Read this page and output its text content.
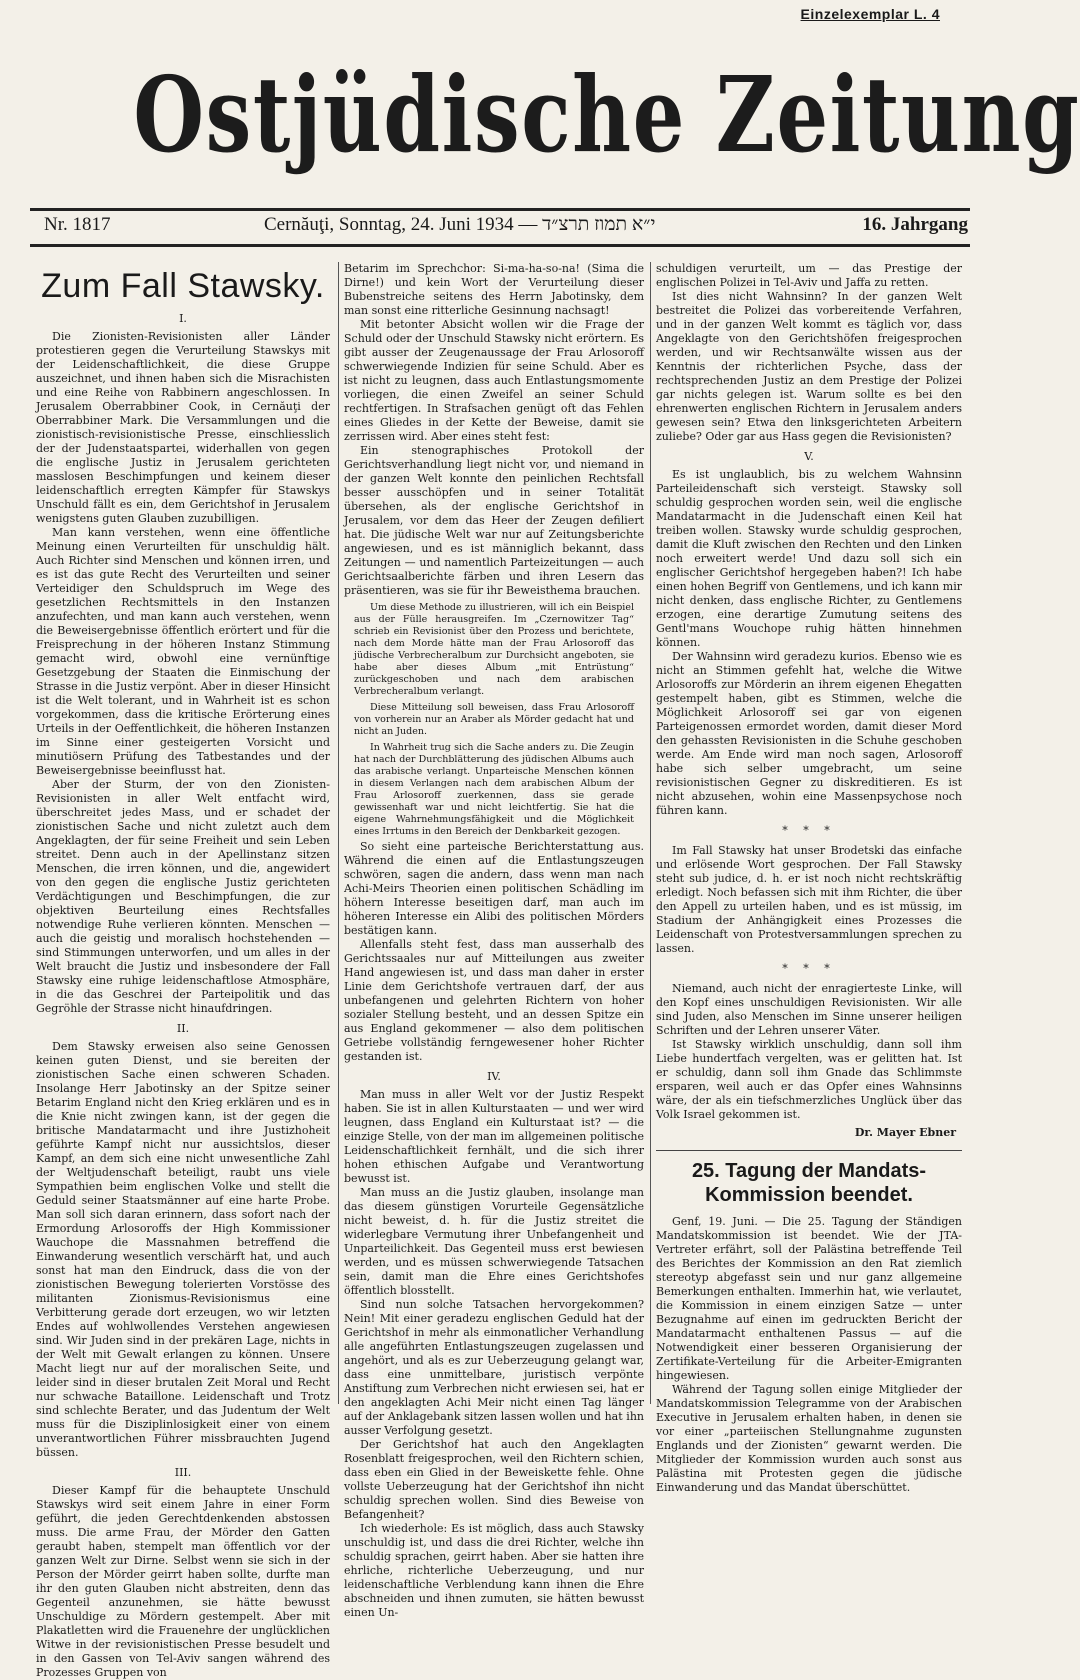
Einzelexemplar L. 4
Ostjüdische Zeitung
Nr. 1817	Cernăuţi, Sonntag, 24. Juni 1934 — י״א תמוז תרצ״ד	16. Jahrgang
Zum Fall Stawsky.
I.

Die Zionisten-Revisionisten aller Länder protestieren gegen die Verurteilung Stawskys mit der Leidenschaftlichkeit, die diese Gruppe auszeichnet, und ihnen haben sich die Misrachisten und eine Reihe von Rabbinern angeschlossen. In Jerusalem Oberrabbiner Cook, in Cernăuţi der Oberrabbiner Mark. Die Versammlungen und die zionistisch-revisionistische Presse, einschliesslich der der Judenstaatspartei, widerhallen von gegen die englische Justiz in Jerusalem gerichteten masslosen Beschimpfungen und keinem dieser leidenschaftlich erregten Kämpfer für Stawskys Unschuld fällt es ein, dem Gerichtshof in Jerusalem wenigstens guten Glauben zuzubilligen.

Man kann verstehen, wenn eine öffentliche Meinung einen Verurteilten für unschuldig hält. Auch Richter sind Menschen und können irren, und es ist das gute Recht des Verurteilten und seiner Verteidiger den Schuldspruch im Wege des gesetzlichen Rechtsmittels in den Instanzen anzufechten, und man kann auch verstehen, wenn die Beweisergebnisse öffentlich erörtert und für die Freisprechung in der höheren Instanz Stimmung gemacht wird, obwohl eine vernünftige Gesetzgebung der Staaten die Einmischung der Strasse in die Justiz verpönt. Aber in dieser Hinsicht ist die Welt tolerant, und in Wahrheit ist es schon vorgekommen, dass die kritische Erörterung eines Urteils in der Oeffentlichkeit, die höheren Instanzen im Sinne einer gesteigerten Vorsicht und minutiösern Prüfung des Tatbestandes und der Beweisergebnisse beeinflusst hat.

Aber der Sturm, der von den Zionisten-Revisionisten in aller Welt entfacht wird, überschreitet jedes Mass, und er schadet der zionistischen Sache und nicht zuletzt auch dem Angeklagten, der für seine Freiheit und sein Leben streitet. Denn auch in der Apellinstanz sitzen Menschen, die irren können, und die, angewidert von den gegen die englische Justiz gerichteten Verdächtigungen und Beschimpfungen, die zur objektiven Beurteilung eines Rechtsfalles notwendige Ruhe verlieren könnten. Menschen — auch die geistig und moralisch hochstehenden — sind Stimmungen unterworfen, und um alles in der Welt braucht die Justiz und insbesondere der Fall Stawsky eine ruhige leidenschaftlose Atmosphäre, in die das Geschrei der Parteipolitik und das Gegröhle der Strasse nicht hinaufdringen.

II.

Dem Stawsky erweisen also seine Genossen keinen guten Dienst, und sie bereiten der zionistischen Sache einen schweren Schaden. Insolange Herr Jabotinsky an der Spitze seiner Betarim England nicht den Krieg erklären und es in die Knie nicht zwingen kann, ist der gegen die britische Mandatarmacht und ihre Justizhoheit geführte Kampf nicht nur aussichtslos, dieser Kampf, an dem sich eine nicht unwesentliche Zahl der Weltjudenschaft beteiligt, raubt uns viele Sympathien beim englischen Volke und stellt die Geduld seiner Staatsmänner auf eine harte Probe. Man soll sich daran erinnern, dass sofort nach der Ermordung Arlosoroffs der High Kommissioner Wauchope die Massnahmen betreffend die Einwanderung wesentlich verschärft hat, und auch sonst hat man den Eindruck, dass die von der zionistischen Bewegung tolerierten Vorstösse des militanten Zionismus-Revisionismus eine Verbitterung gerade dort erzeugen, wo wir letzten Endes auf wohlwollendes Verstehen angewiesen sind. Wir Juden sind in der prekären Lage, nichts in der Welt mit Gewalt erlangen zu können. Unsere Macht liegt nur auf der moralischen Seite, und leider sind in dieser brutalen Zeit Moral und Recht nur schwache Bataillone. Leidenschaft und Trotz sind schlechte Berater, und das Judentum der Welt muss für die Disziplinlosigkeit einer von einem unverantwortlichen Führer missbrauchten Jugend büssen.

III.

Dieser Kampf für die behauptete Unschuld Stawskys wird seit einem Jahre in einer Form geführt, die jeden Gerechtdenkenden abstossen muss. Die arme Frau, der Mörder den Gatten geraubt haben, stempelt man öffentlich vor der ganzen Welt zur Dirne. Selbst wenn sie sich in der Person der Mörder geirrt haben sollte, durfte man ihr den guten Glauben nicht abstreiten, denn das Gegenteil anzunehmen, sie hätte bewusst Unschuldige zu Mördern gestempelt. Aber mit Plakatletten wird die Frauenehre der unglücklichen Witwe in der revisionistischen Presse besudelt und in den Gassen von Tel-Aviv sangen während des Prozesses Gruppen von

Betarim im Sprechchor: Si-ma-ha-so-na! (Sima die Dirne!) und kein Wort der Verurteilung dieser Bubenstreiche seitens des Herrn Jabotinsky, dem man sonst eine ritterliche Gesinnung nachsagt!

Mit betonter Absicht wollen wir die Frage der Schuld oder der Unschuld Stawsky nicht erörtern. Es gibt ausser der Zeugenaussage der Frau Arlosoroff schwerwiegende Indizien für seine Schuld. Aber es ist nicht zu leugnen, dass auch Entlastungsmomente vorliegen, die einen Zweifel an seiner Schuld rechtfertigen. In Strafsachen genügt oft das Fehlen eines Gliedes in der Kette der Beweise, damit sie zerrissen wird. Aber eines steht fest:

Ein stenographisches Protokoll der Gerichtsverhandlung liegt nicht vor, und niemand in der ganzen Welt konnte den peinlichen Rechtsfall besser ausschöpfen und in seiner Totalität übersehen, als der englische Gerichtshof in Jerusalem, vor dem das Heer der Zeugen defiliert hat. Die jüdische Welt war nur auf Zeitungsberichte angewiesen, und es ist männiglich bekannt, dass Zeitungen — und namentlich Parteizeitungen — auch Gerichtsaalberichte färben und ihren Lesern das präsentieren, was sie für ihr Beweisthema brauchen.

Um diese Methode zu illustrieren, will ich ein Beispiel aus der Fülle herausgreifen. Im „Czernowitzer Tag“ schrieb ein Revisionist über den Prozess und berichtete, nach dem Morde hätte man der Frau Arlosoroff das jüdische Verbrecheralbum zur Durchsicht angeboten, sie habe aber dieses Album „mit Entrüstung“ zurückgeschoben und nach dem arabischen Verbrecheralbum verlangt.

Diese Mitteilung soll beweisen, dass Frau Arlosoroff von vorherein nur an Araber als Mörder gedacht hat und nicht an Juden.

In Wahrheit trug sich die Sache anders zu. Die Zeugin hat nach der Durchblätterung des jüdischen Albums auch das arabische verlangt. Unparteische Menschen können in diesem Verlangen nach dem arabischen Album der Frau Arlosoroff zuerkennen, dass sie gerade gewissenhaft war und nicht leichtfertig. Sie hat die eigene Wahrnehmungsfähigkeit und die Möglichkeit eines Irrtums in den Bereich der Denkbarkeit gezogen.

So sieht eine parteische Berichterstattung aus. Während die einen auf die Entlastungszeugen schwören, sagen die andern, dass wenn man nach Achi-Meirs Theorien einen politischen Schädling im höhern Interesse beseitigen darf, man auch im höheren Interesse ein Alibi des politischen Mörders bestätigen kann.

Allenfalls steht fest, dass man ausserhalb des Gerichtssaales nur auf Mitteilungen aus zweiter Hand angewiesen ist, und dass man daher in erster Linie dem Gerichtshofe vertrauen darf, der aus unbefangenen und gelehrten Richtern von hoher sozialer Stellung besteht, und an dessen Spitze ein aus England gekommener — also dem politischen Getriebe vollständig ferngewesener hoher Richter gestanden ist.

IV.

Man muss in aller Welt vor der Justiz Respekt haben. Sie ist in allen Kulturstaaten — und wer wird leugnen, dass England ein Kulturstaat ist? — die einzige Stelle, von der man im allgemeinen politische Leidenschaftlichkeit fernhält, und die sich ihrer hohen ethischen Aufgabe und Verantwortung bewusst ist.

Man muss an die Justiz glauben, insolange man das diesem günstigen Vorurteile Gegensätzliche nicht beweist, d. h. für die Justiz streitet die widerlegbare Vermutung ihrer Unbefangenheit und Unparteilichkeit. Das Gegenteil muss erst bewiesen werden, und es müssen schwerwiegende Tatsachen sein, damit man die Ehre eines Gerichtshofes öffentlich blosstellt.

Sind nun solche Tatsachen hervorgekommen? Nein! Mit einer geradezu englischen Geduld hat der Gerichtshof in mehr als einmonatlicher Verhandlung alle angeführten Entlastungszeugen zugelassen und angehört, und als es zur Ueberzeugung gelangt war, dass eine unmittelbare, juristisch verpönte Anstiftung zum Verbrechen nicht erwiesen sei, hat er den angeklagten Achi Meir nicht einen Tag länger auf der Anklagebank sitzen lassen wollen und hat ihn ausser Verfolgung gesetzt.

Der Gerichtshof hat auch den Angeklagten Rosenblatt freigesprochen, weil den Richtern schien, dass eben ein Glied in der Beweiskette fehle. Ohne vollste Ueberzeugung hat der Gerichtshof ihn nicht schuldig sprechen wollen. Sind dies Beweise von Befangenheit?

Ich wiederhole: Es ist möglich, dass auch Stawsky unschuldig ist, und dass die drei Richter, welche ihn schuldig sprachen, geirrt haben. Aber sie hatten ihre ehrliche, richterliche Ueberzeugung, und nur leidenschaftliche Verblendung kann ihnen die Ehre abschneiden und ihnen zumuten, sie hätten bewusst einen Un-

schuldigen verurteilt, um — das Prestige der englischen Polizei in Tel-Aviv und Jaffa zu retten.

Ist dies nicht Wahnsinn? In der ganzen Welt bestreitet die Polizei das vorbereitende Verfahren, und in der ganzen Welt kommt es täglich vor, dass Angeklagte von den Gerichtshöfen freigesprochen werden, und wir Rechtsanwälte wissen aus der Kenntnis der richterlichen Psyche, dass der rechtsprechenden Justiz an dem Prestige der Polizei gar nichts gelegen ist. Warum sollte es bei den ehrenwerten englischen Richtern in Jerusalem anders gewesen sein? Etwa den linksgerichteten Arbeitern zuliebe? Oder gar aus Hass gegen die Revisionisten?

V.

Es ist unglaublich, bis zu welchem Wahnsinn Parteileidenschaft sich versteigt. Stawsky soll schuldig gesprochen worden sein, weil die englische Mandatarmacht in die Judenschaft einen Keil hat treiben wollen. Stawsky wurde schuldig gesprochen, damit die Kluft zwischen den Rechten und den Linken noch erweitert werde! Und dazu soll sich ein englischer Gerichtshof hergegeben haben?! Ich habe einen hohen Begriff von Gentlemens, und ich kann mir nicht denken, dass englische Richter, zu Gentlemens erzogen, eine derartige Zumutung seitens des Gentl'mans Wouchope ruhig hätten hinnehmen können.

Der Wahnsinn wird geradezu kurios. Ebenso wie es nicht an Stimmen gefehlt hat, welche die Witwe Arlosoroffs zur Mörderin an ihrem eigenen Ehegatten gestempelt haben, gibt es Stimmen, welche die Möglichkeit Arlosoroff sei gar von eigenen Parteigenossen ermordet worden, damit dieser Mord den gehassten Revisionisten in die Schuhe geschoben werde. Am Ende wird man noch sagen, Arlosoroff habe sich selber umgebracht, um seine revisionistischen Gegner zu diskreditieren. Es ist nicht abzusehen, wohin eine Massenpsychose noch führen kann.

* * *

Im Fall Stawsky hat unser Brodetski das einfache und erlösende Wort gesprochen. Der Fall Stawsky steht sub judice, d. h. er ist noch nicht rechtskräftig erledigt. Noch befassen sich mit ihm Richter, die über den Appell zu urteilen haben, und es ist müssig, im Stadium der Anhängigkeit eines Prozesses die Leidenschaft von Protestversammlungen sprechen zu lassen.

* * *

Niemand, auch nicht der enragierteste Linke, will den Kopf eines unschuldigen Revisionisten. Wir alle sind Juden, also Menschen im Sinne unserer heiligen Schriften und der Lehren unserer Väter.

Ist Stawsky wirklich unschuldig, dann soll ihm Liebe hundertfach vergelten, was er gelitten hat. Ist er schuldig, dann soll ihm Gnade das Schlimmste ersparen, weil auch er das Opfer eines Wahnsinns wäre, der als ein tiefschmerzliches Unglück über das Volk Israel gekommen ist.

Dr. Mayer Ebner
25. Tagung der Mandats-Kommission beendet.

Genf, 19. Juni. — Die 25. Tagung der Ständigen Mandatskommission ist beendet. Wie der JTA-Vertreter erfährt, soll der Palästina betreffende Teil des Berichtes der Kommission an den Rat ziemlich stereotyp abgefasst sein und nur ganz allgemeine Bemerkungen enthalten. Immerhin hat, wie verlautet, die Kommission in einem einzigen Satze — unter Bezugnahme auf einen im gedruckten Bericht der Mandatarmacht enthaltenen Passus — auf die Notwendigkeit einer besseren Organisierung der Zertifikate-Verteilung für die Arbeiter-Emigranten hingewiesen.

Während der Tagung sollen einige Mitglieder der Mandatskommission Telegramme von der Arabischen Executive in Jerusalem erhalten haben, in denen sie vor einer „parteiischen Stellungnahme zugunsten Englands und der Zionisten“ gewarnt werden. Die Mitglieder der Kommission wurden auch sonst aus Palästina mit Protesten gegen die jüdische Einwanderung und das Mandat überschüttet.
